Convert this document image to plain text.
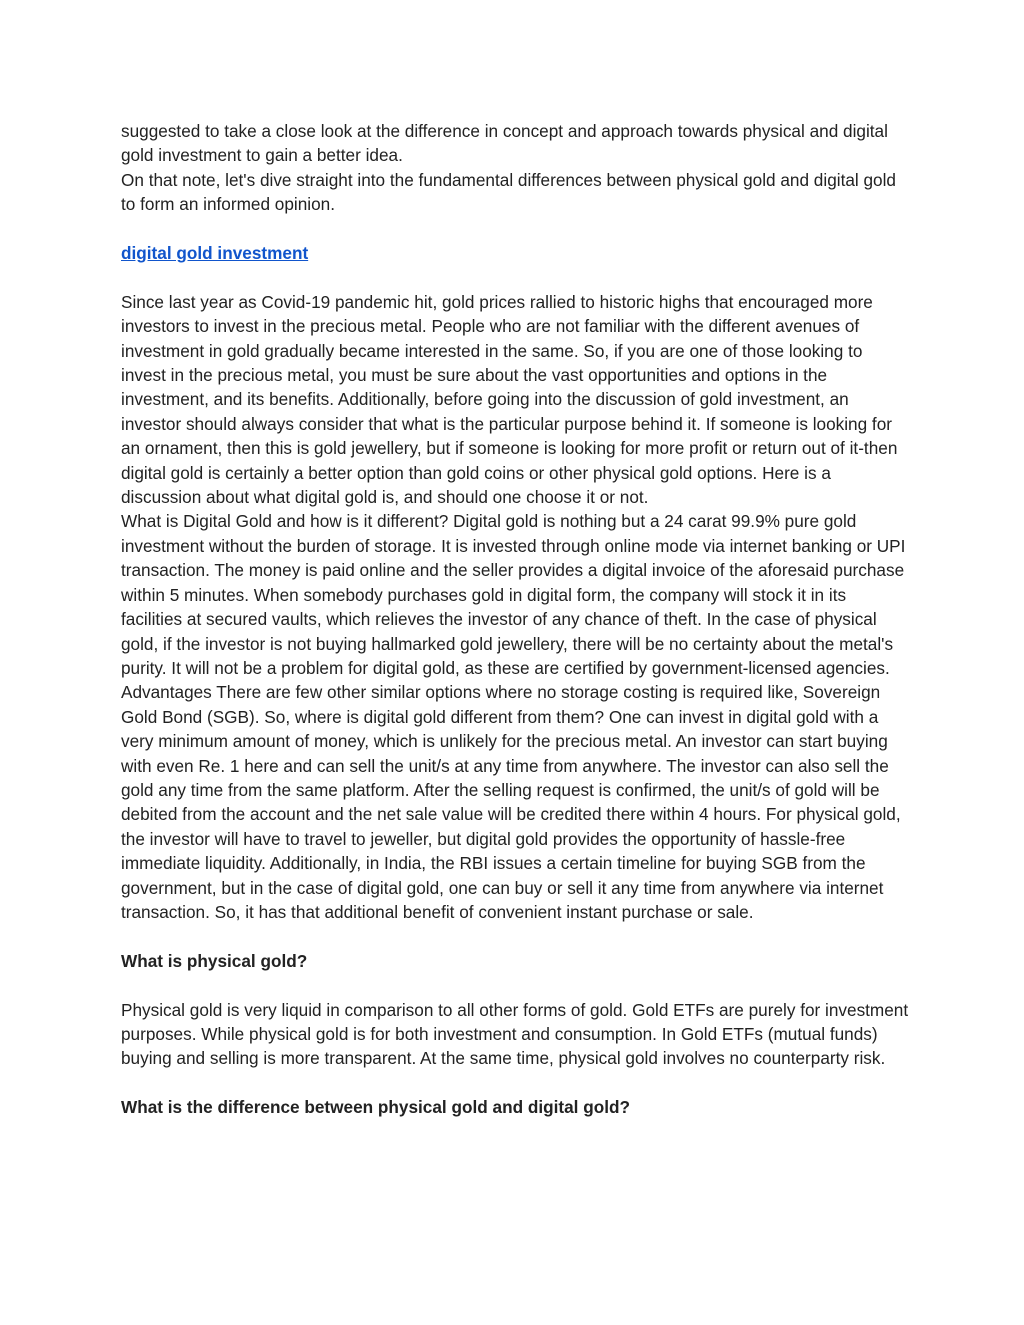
suggested to take a close look at the difference in concept and approach towards physical and digital gold investment to gain a better idea.

On that note, let's dive straight into the fundamental differences between physical gold and digital gold to form an informed opinion.

digital gold investment

Since last year as Covid-19 pandemic hit, gold prices rallied to historic highs that encouraged more investors to invest in the precious metal. People who are not familiar with the different avenues of investment in gold gradually became interested in the same. So, if you are one of those looking to invest in the precious metal, you must be sure about the vast opportunities and options in the investment, and its benefits. Additionally, before going into the discussion of gold investment, an investor should always consider that what is the particular purpose behind it. If someone is looking for an ornament, then this is gold jewellery, but if someone is looking for more profit or return out of it‐then digital gold is certainly a better option than gold coins or other physical gold options. Here is a discussion about what digital gold is, and should one choose it or not.

What is Digital Gold and how is it different? Digital gold is nothing but a 24 carat 99.9% pure gold investment without the burden of storage. It is invested through online mode via internet banking or UPI transaction. The money is paid online and the seller provides a digital invoice of the aforesaid purchase within 5 minutes. When somebody purchases gold in digital form, the company will stock it in its facilities at secured vaults, which relieves the investor of any chance of theft. In the case of physical gold, if the investor is not buying hallmarked gold jewellery, there will be no certainty about the metal's purity. It will not be a problem for digital gold, as these are certified by government-licensed agencies. Advantages There are few other similar options where no storage costing is required like, Sovereign Gold Bond (SGB). So, where is digital gold different from them? One can invest in digital gold with a very minimum amount of money, which is unlikely for the precious metal. An investor can start buying with even Re. 1 here and can sell the unit/s at any time from anywhere. The investor can also sell the gold any time from the same platform. After the selling request is confirmed, the unit/s of gold will be debited from the account and the net sale value will be credited there within 4 hours. For physical gold, the investor will have to travel to jeweller, but digital gold provides the opportunity of hassle-free immediate liquidity. Additionally, in India, the RBI issues a certain timeline for buying SGB from the government, but in the case of digital gold, one can buy or sell it any time from anywhere via internet transaction. So, it has that additional benefit of convenient instant purchase or sale.

What is physical gold?

Physical gold is very liquid in comparison to all other forms of gold. Gold ETFs are purely for investment purposes. While physical gold is for both investment and consumption. In Gold ETFs (mutual funds) buying and selling is more transparent. At the same time, physical gold involves no counterparty risk.

What is the difference between physical gold and digital gold?
